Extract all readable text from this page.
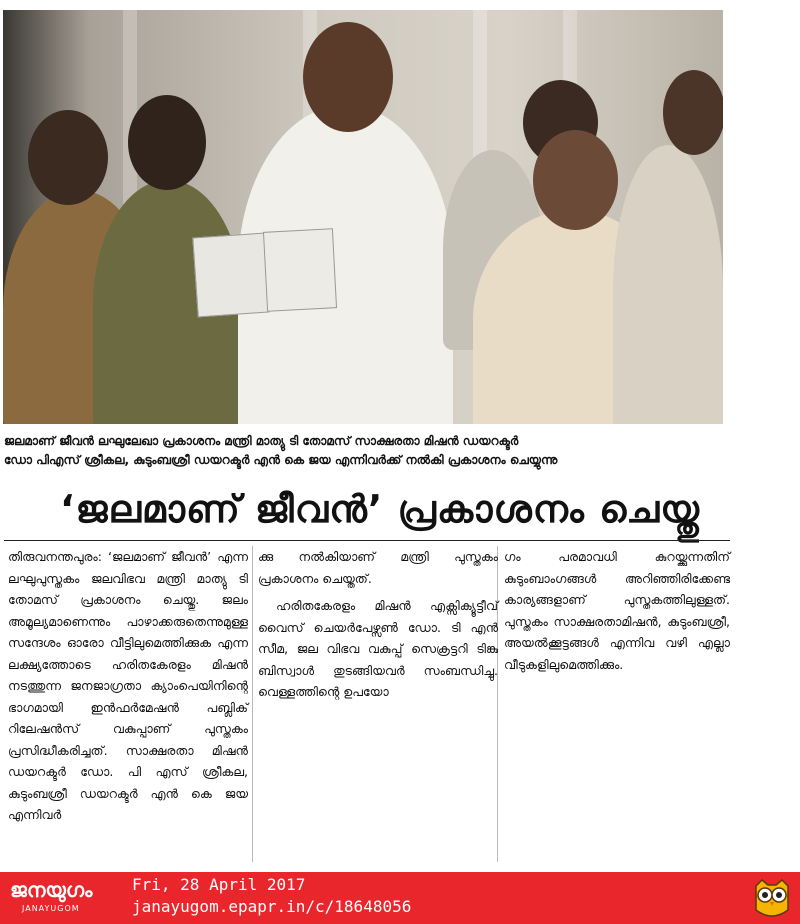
ജലമാണ് ജീവൻ ലഘുലേഖാ പ്രകാശനം മന്ത്രി മാത്യു ടി തോമസ് സാക്ഷരതാ മിഷൻ ഡയറക്ടർ
ഡോ പിഎസ് ശ്രീകല, കുടുംബശ്രീ ഡയറക്ടർ എൻ കെ ജയ എന്നിവർക്ക് നൽകി പ്രകാശനം ചെയ്യുന്നു
‘ജലമാണ് ജീവൻ’ പ്രകാശനം ചെയ്തു

തിരുവനന്തപുരം: ‘ജലമാണ് ജീവൻ’ എന്ന ലഘുപുസ്തകം ജലവിഭവ മന്ത്രി മാത്യു ടി തോമസ് പ്രകാശനം ചെയ്തു. ജലം അമൂല്യമാണെന്നും പാഴാക്കരുതെന്നുമുള്ള സന്ദേശം ഓരോ വീട്ടിലുമെത്തിക്കുക എന്ന ലക്ഷ്യത്തോടെ ഹരിതകേരളം മിഷൻ നടത്തുന്ന ജനജാഗ്രതാ ക്യാംപെയിനിന്റെ ഭാഗമായി ഇൻഫർമേഷൻ പബ്ലിക് റിലേഷൻസ് വകുപ്പാണ് പുസ്തകം പ്രസിദ്ധീകരിച്ചത്. സാക്ഷരതാ മിഷൻ ഡയറക്ടർ ഡോ. പി എസ് ശ്രീകല, കുടുംബശ്രീ ഡയറക്ടർ എൻ കെ ജയ എന്നിവർ

ക്കു നൽകിയാണ് മന്ത്രി പുസ്തകം പ്രകാശനം ചെയ്തത്.

ഹരിതകേരളം മിഷൻ എക്സിക്യൂട്ടീവ് വൈസ് ചെയർപേഴ്സൺ ഡോ. ടി എൻ സീമ, ജല വിഭവ വകുപ്പ് സെക്രട്ടറി ടിങ്കു ബിസ്വാൾ തുടങ്ങിയവർ സംബന്ധിച്ചു. വെള്ളത്തിന്റെ ഉപയോ

ഗം പരമാവധി കുറയ്ക്കുന്നതിന് കുടുംബാംഗങ്ങൾ അറിഞ്ഞിരിക്കേണ്ട കാര്യങ്ങളാണ് പുസ്തകത്തിലുള്ളത്. പുസ്തകം സാക്ഷരതാമിഷൻ, കുടുംബശ്രീ, അയൽക്കൂട്ടങ്ങൾ എന്നിവ വഴി എല്ലാ വീടുകളിലുമെത്തിക്കും.

ജനയുഗം
JANAYUGOM
Fri, 28 April 2017
janayugom.epapr.in/c/18648056
